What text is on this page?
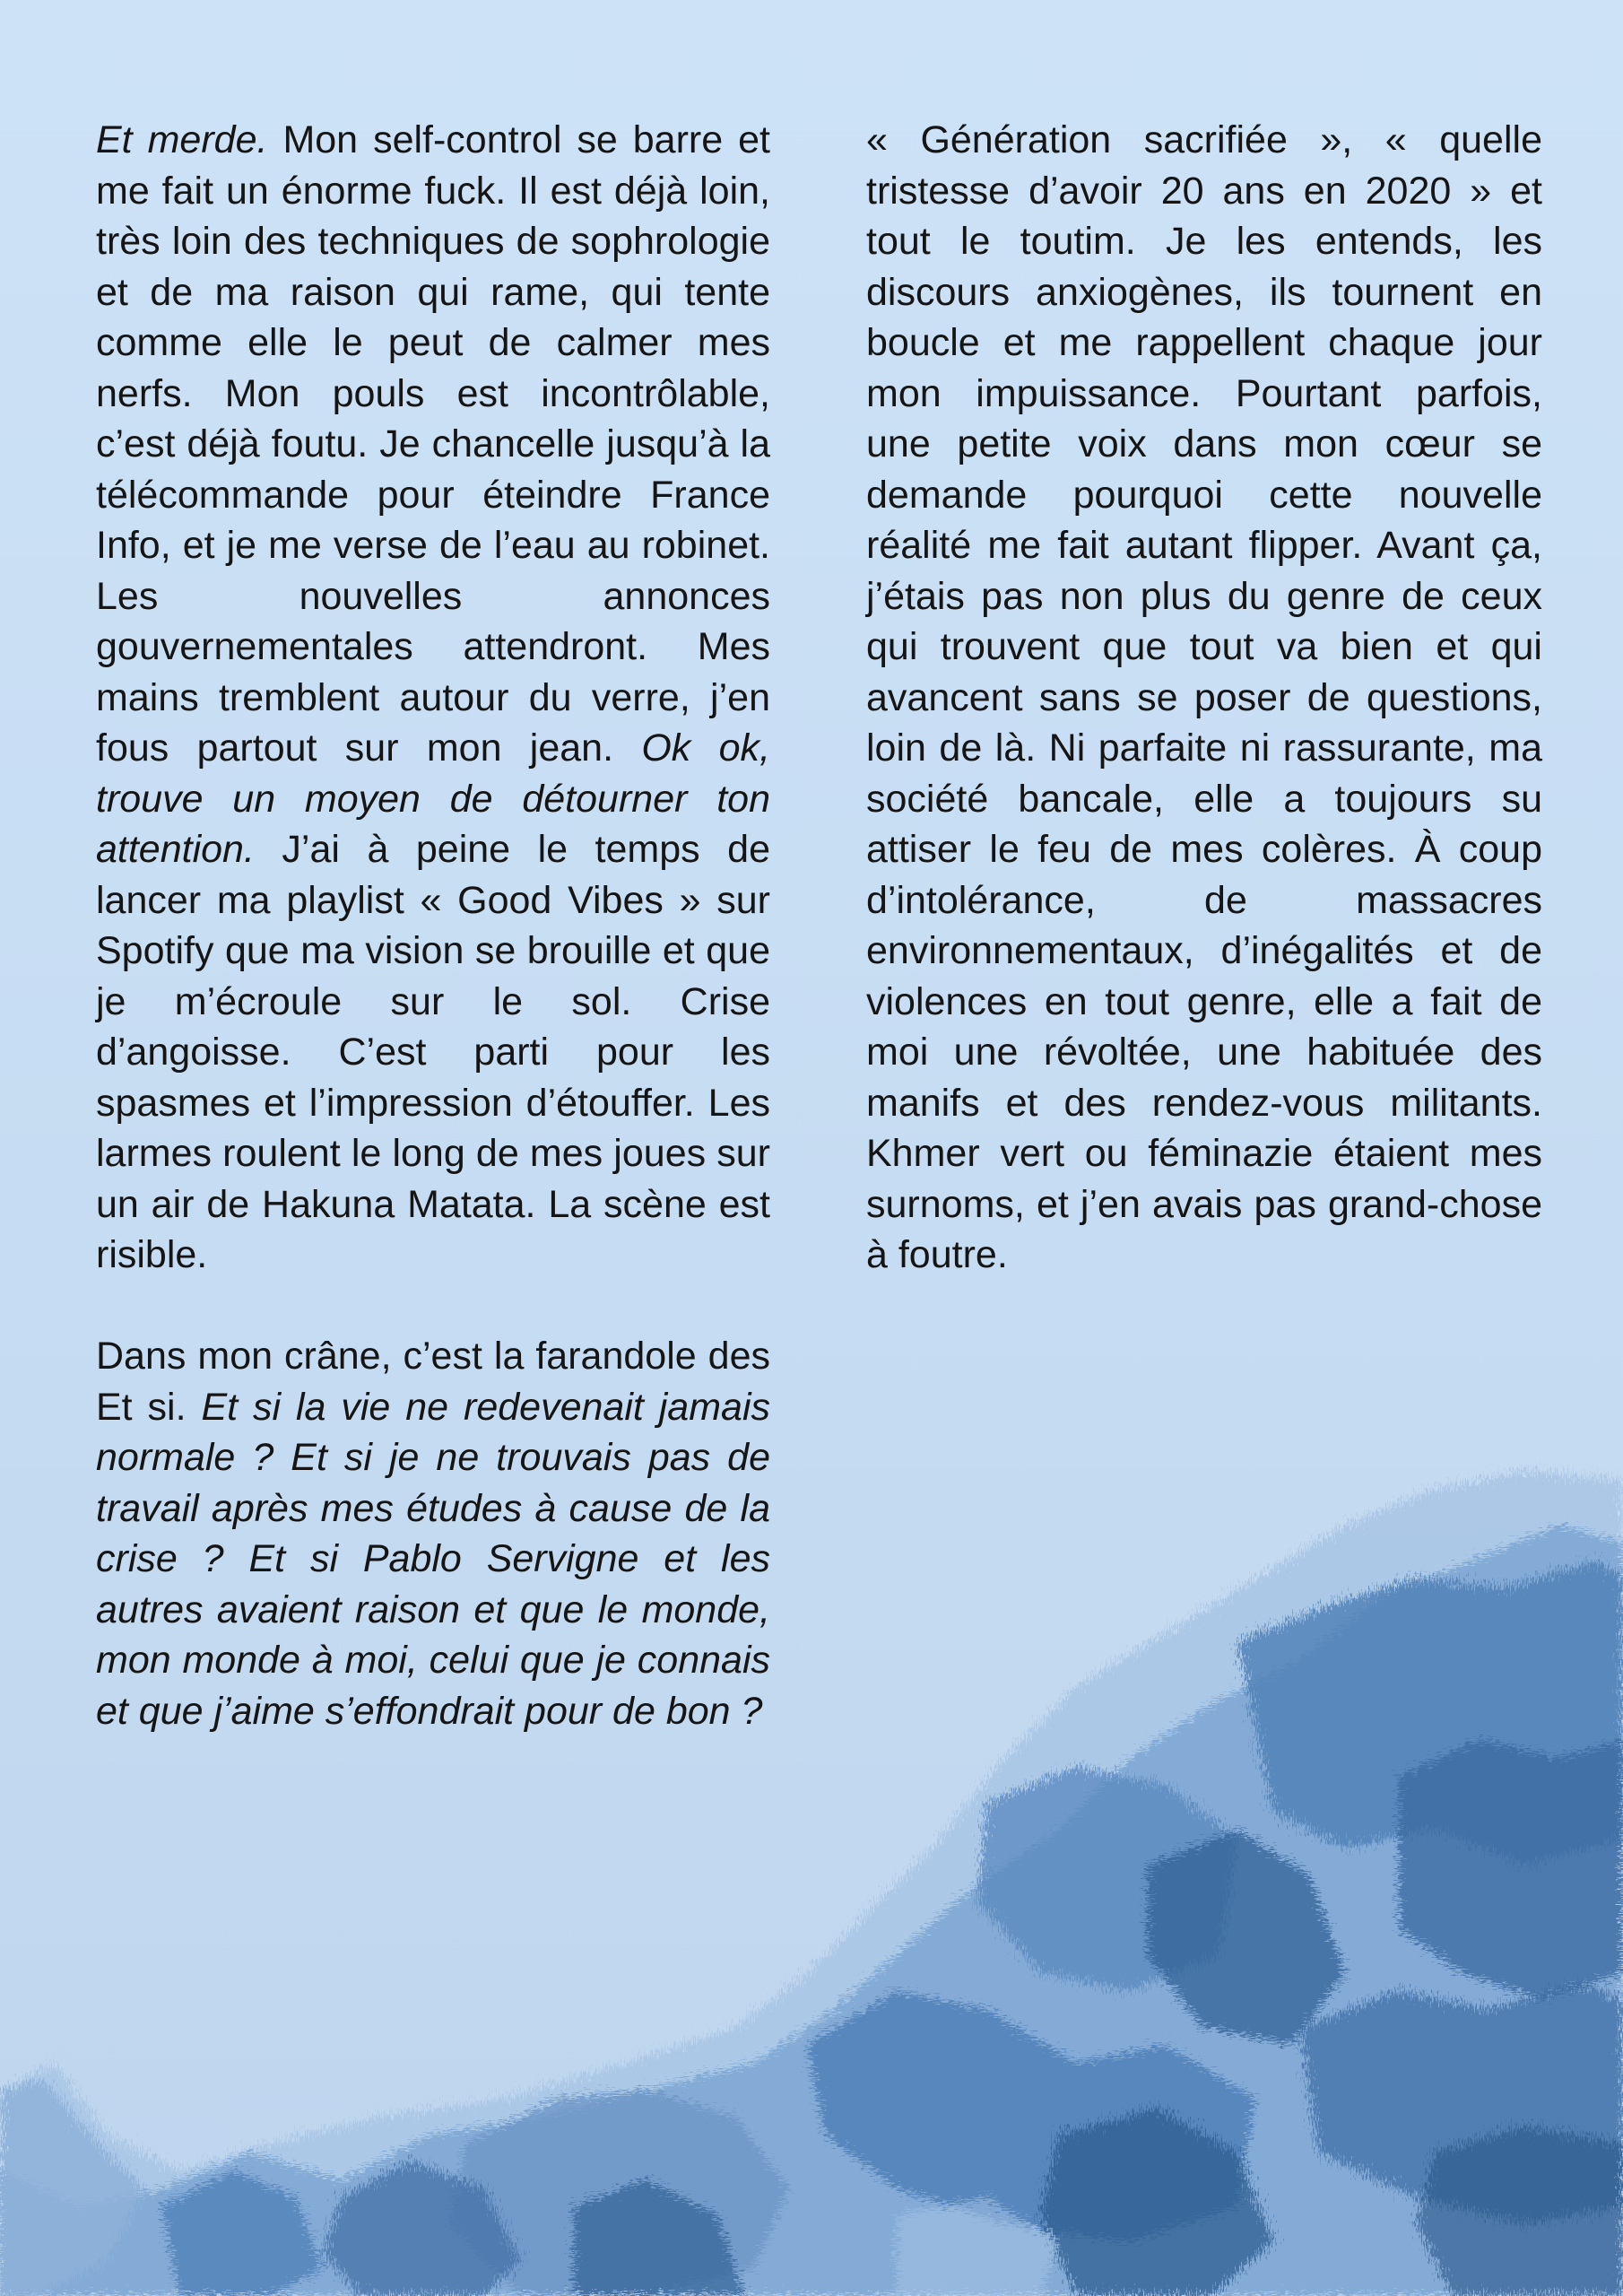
Et merde. Mon self-control se barre et me fait un énorme fuck. Il est déjà loin, très loin des techniques de sophrologie et de ma raison qui rame, qui tente comme elle le peut de calmer mes nerfs. Mon pouls est incontrôlable, c’est déjà foutu. Je chancelle jusqu’à la télécommande pour éteindre France Info, et je me verse de l’eau au robinet. Les nouvelles annonces gouvernementales attendront. Mes mains tremblent autour du verre, j’en fous partout sur mon jean. Ok ok, trouve un moyen de détourner ton attention. J’ai à peine le temps de lancer ma playlist « Good Vibes » sur Spotify que ma vision se brouille et que je m’écroule sur le sol. Crise d’angoisse. C’est parti pour les spasmes et l’impression d’étouffer. Les larmes roulent le long de mes joues sur un air de Hakuna Matata. La scène est risible.

Dans mon crâne, c’est la farandole des Et si. Et si la vie ne redevenait jamais normale ? Et si je ne trouvais pas de travail après mes études à cause de la crise ? Et si Pablo Servigne et les autres avaient raison et que le monde, mon monde à moi, celui que je connais et que j’aime s’effondrait pour de bon ?

« Génération sacrifiée », « quelle tristesse d’avoir 20 ans en 2020 » et tout le toutim. Je les entends, les discours anxiogènes, ils tournent en boucle et me rappellent chaque jour mon impuissance. Pourtant parfois, une petite voix dans mon cœur se demande pourquoi cette nouvelle réalité me fait autant flipper. Avant ça, j’étais pas non plus du genre de ceux qui trouvent que tout va bien et qui avancent sans se poser de questions, loin de là. Ni parfaite ni rassurante, ma société bancale, elle a toujours su attiser le feu de mes colères. À coup d’intolérance, de massacres environnementaux, d’inégalités et de violences en tout genre, elle a fait de moi une révoltée, une habituée des manifs et des rendez-vous militants. Khmer vert ou féminazie étaient mes surnoms, et j’en avais pas grand-chose à foutre.
